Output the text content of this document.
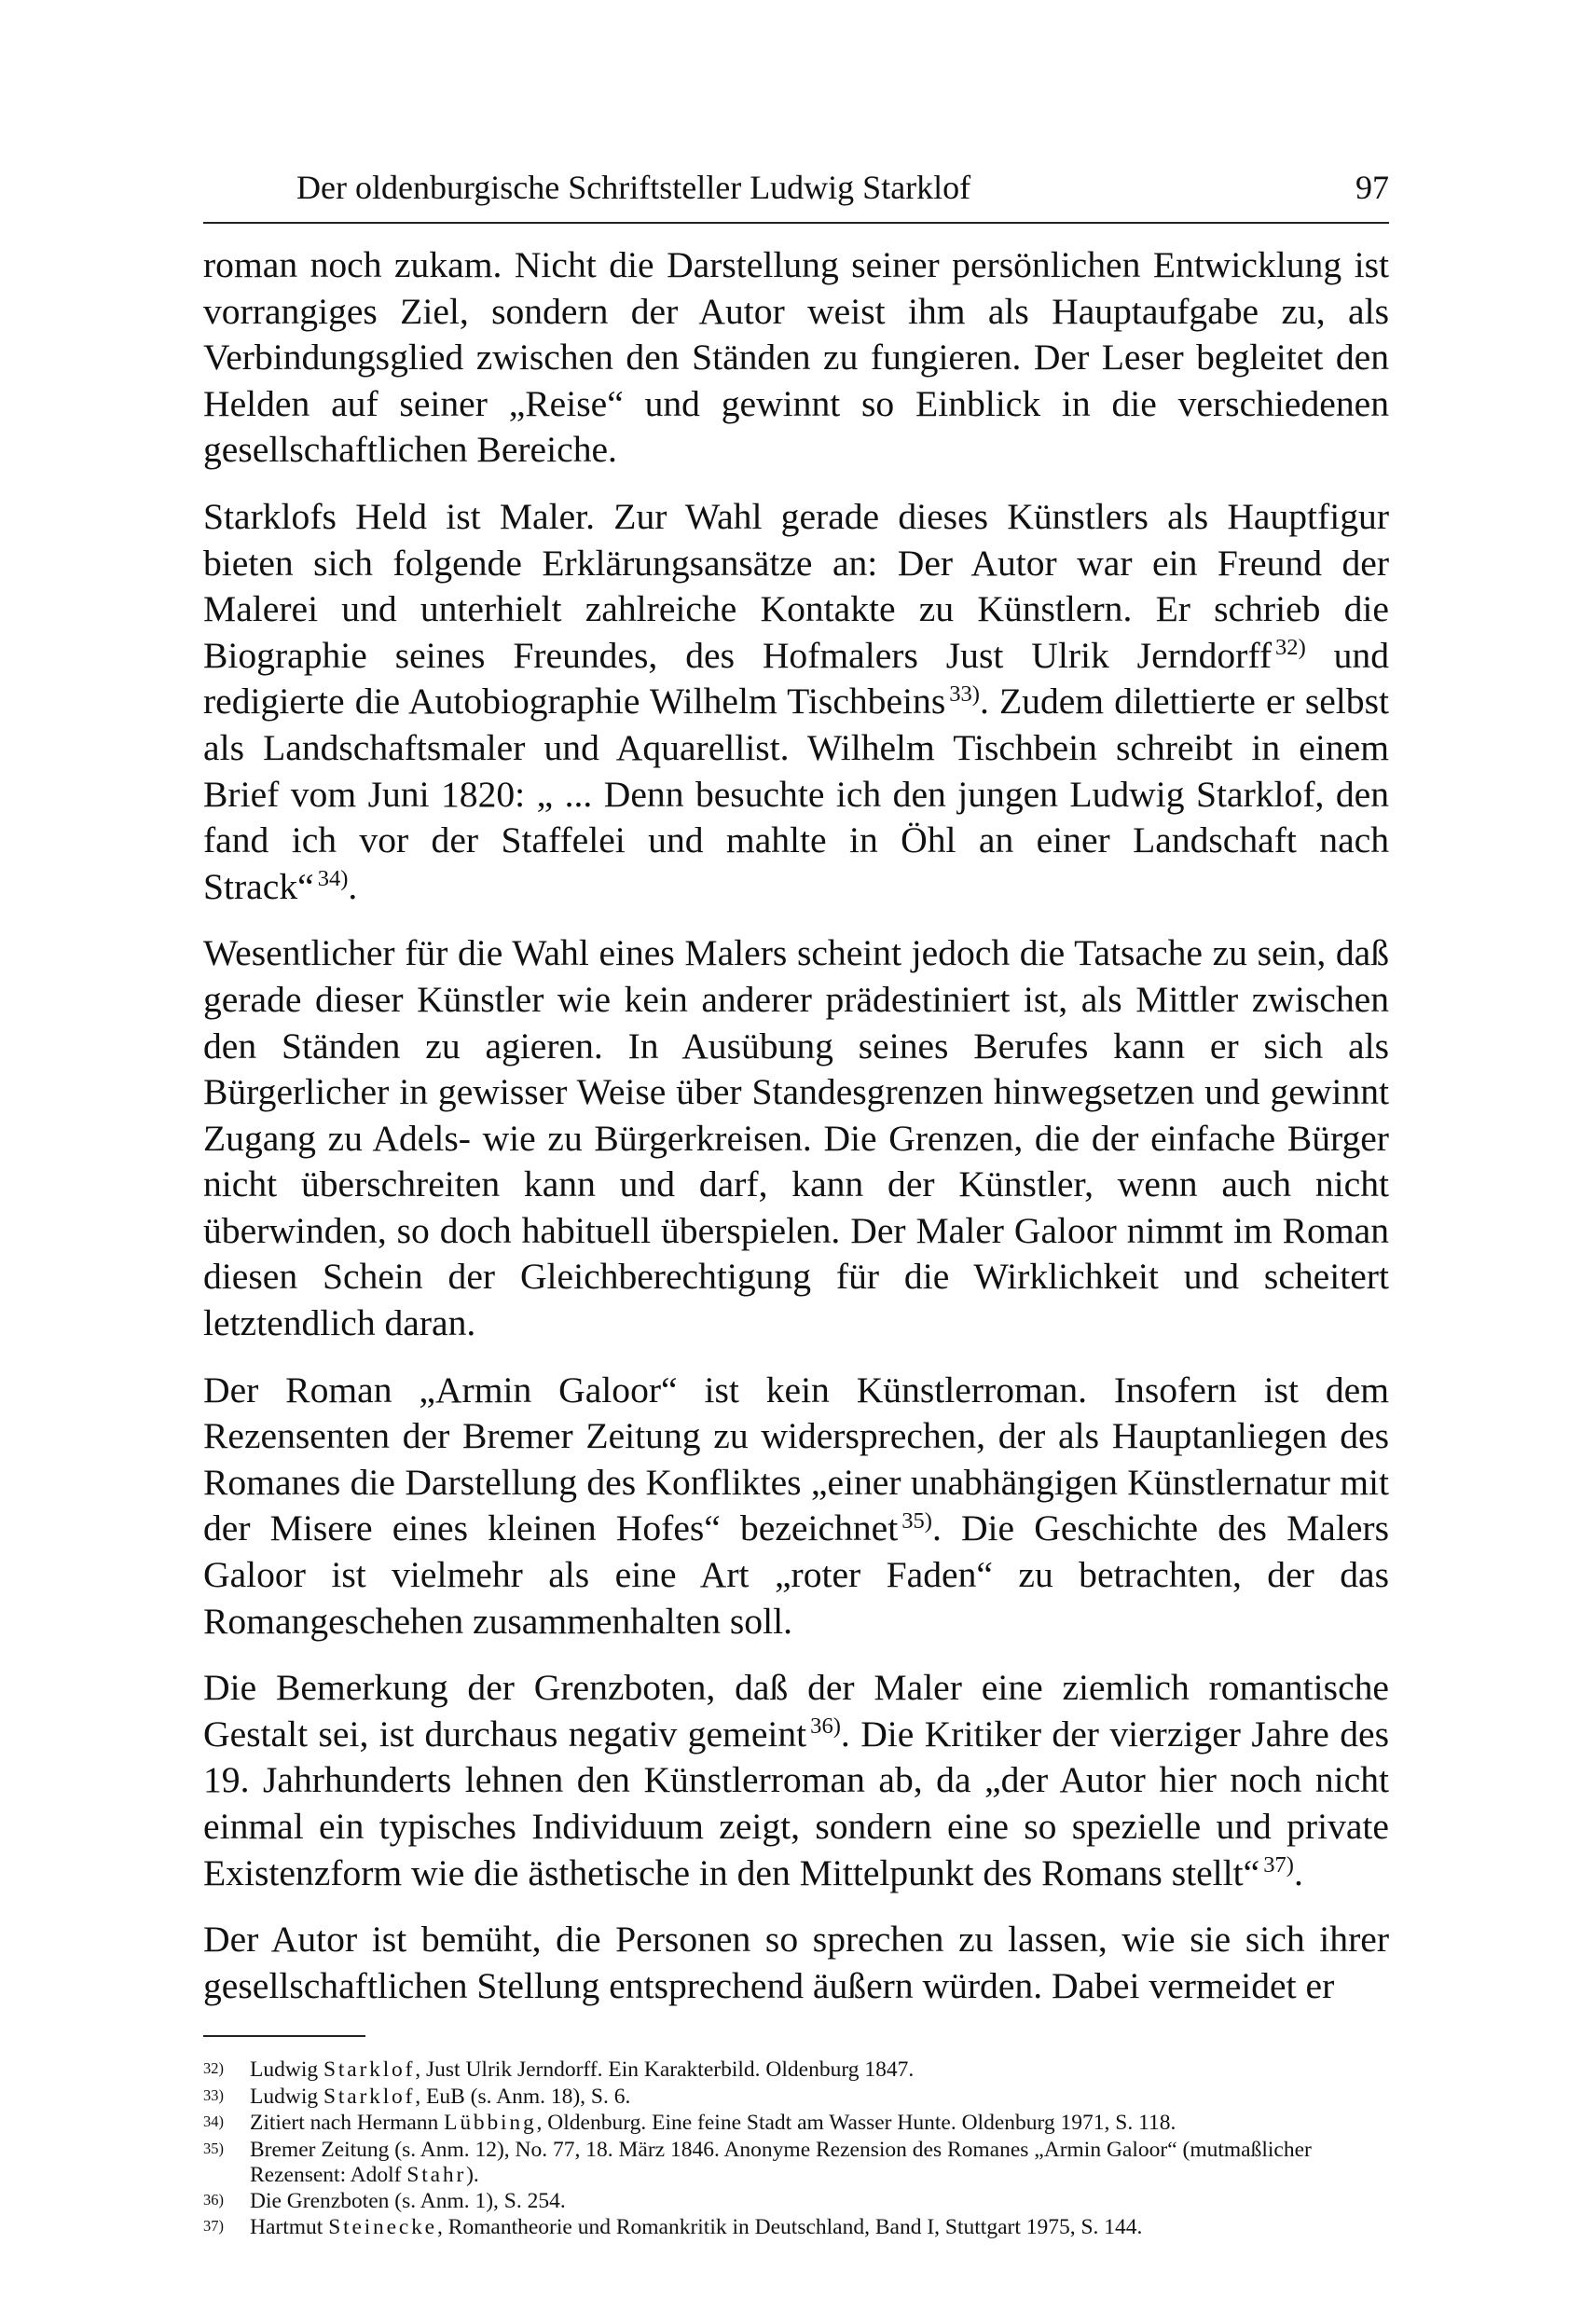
Der oldenburgische Schriftsteller Ludwig Starklof	97

roman noch zukam. Nicht die Darstellung seiner persönlichen Entwicklung ist vorrangiges Ziel, sondern der Autor weist ihm als Hauptaufgabe zu, als Verbindungsglied zwischen den Ständen zu fungieren. Der Leser begleitet den Helden auf seiner „Reise“ und gewinnt so Einblick in die verschiedenen gesellschaftlichen Bereiche.

Starklofs Held ist Maler. Zur Wahl gerade dieses Künstlers als Hauptfigur bieten sich folgende Erklärungsansätze an: Der Autor war ein Freund der Malerei und unterhielt zahlreiche Kontakte zu Künstlern. Er schrieb die Biographie seines Freundes, des Hofmalers Just Ulrik Jerndorff $^{32)}$ und redigierte die Autobiographie Wilhelm Tischbeins $^{33)}$. Zudem dilettierte er selbst als Landschaftsmaler und Aquarellist. Wilhelm Tischbein schreibt in einem Brief vom Juni 1820: „ ... Denn besuchte ich den jungen Ludwig Starklof, den fand ich vor der Staffelei und mahlte in Öhl an einer Landschaft nach Strack“ $^{34)}$.

Wesentlicher für die Wahl eines Malers scheint jedoch die Tatsache zu sein, daß gerade dieser Künstler wie kein anderer prädestiniert ist, als Mittler zwischen den Ständen zu agieren. In Ausübung seines Berufes kann er sich als Bürgerlicher in gewisser Weise über Standesgrenzen hinwegsetzen und gewinnt Zugang zu Adels- wie zu Bürgerkreisen. Die Grenzen, die der einfache Bürger nicht überschreiten kann und darf, kann der Künstler, wenn auch nicht überwinden, so doch habituell überspielen. Der Maler Galoor nimmt im Roman diesen Schein der Gleichberechtigung für die Wirklichkeit und scheitert letztendlich daran.

Der Roman „Armin Galoor“ ist kein Künstlerroman. Insofern ist dem Rezensenten der Bremer Zeitung zu widersprechen, der als Hauptanliegen des Romanes die Darstellung des Konfliktes „einer unabhängigen Künstlernatur mit der Misere eines kleinen Hofes“ bezeichnet $^{35)}$. Die Geschichte des Malers Galoor ist vielmehr als eine Art „roter Faden“ zu betrachten, der das Romangeschehen zusammenhalten soll.

Die Bemerkung der Grenzboten, daß der Maler eine ziemlich romantische Gestalt sei, ist durchaus negativ gemeint $^{36)}$. Die Kritiker der vierziger Jahre des 19. Jahrhunderts lehnen den Künstlerroman ab, da „der Autor hier noch nicht einmal ein typisches Individuum zeigt, sondern eine so spezielle und private Existenzform wie die ästhetische in den Mittelpunkt des Romans stellt“ $^{37)}$.

Der Autor ist bemüht, die Personen so sprechen zu lassen, wie sie sich ihrer gesellschaftlichen Stellung entsprechend äußern würden. Dabei vermeidet er

32)	Ludwig Starklof, Just Ulrik Jerndorff. Ein Karakterbild. Oldenburg 1847.
33)	Ludwig Starklof, EuB (s. Anm. 18), S. 6.
34)	Zitiert nach Hermann Lübbing, Oldenburg. Eine feine Stadt am Wasser Hunte. Oldenburg 1971, S. 118.
35)	Bremer Zeitung (s. Anm. 12), No. 77, 18. März 1846. Anonyme Rezension des Romanes „Armin Galoor“ (mutmaßlicher Rezensent: Adolf Stahr).
36)	Die Grenzboten (s. Anm. 1), S. 254.
37)	Hartmut Steinecke, Romantheorie und Romankritik in Deutschland, Band I, Stuttgart 1975, S. 144.
